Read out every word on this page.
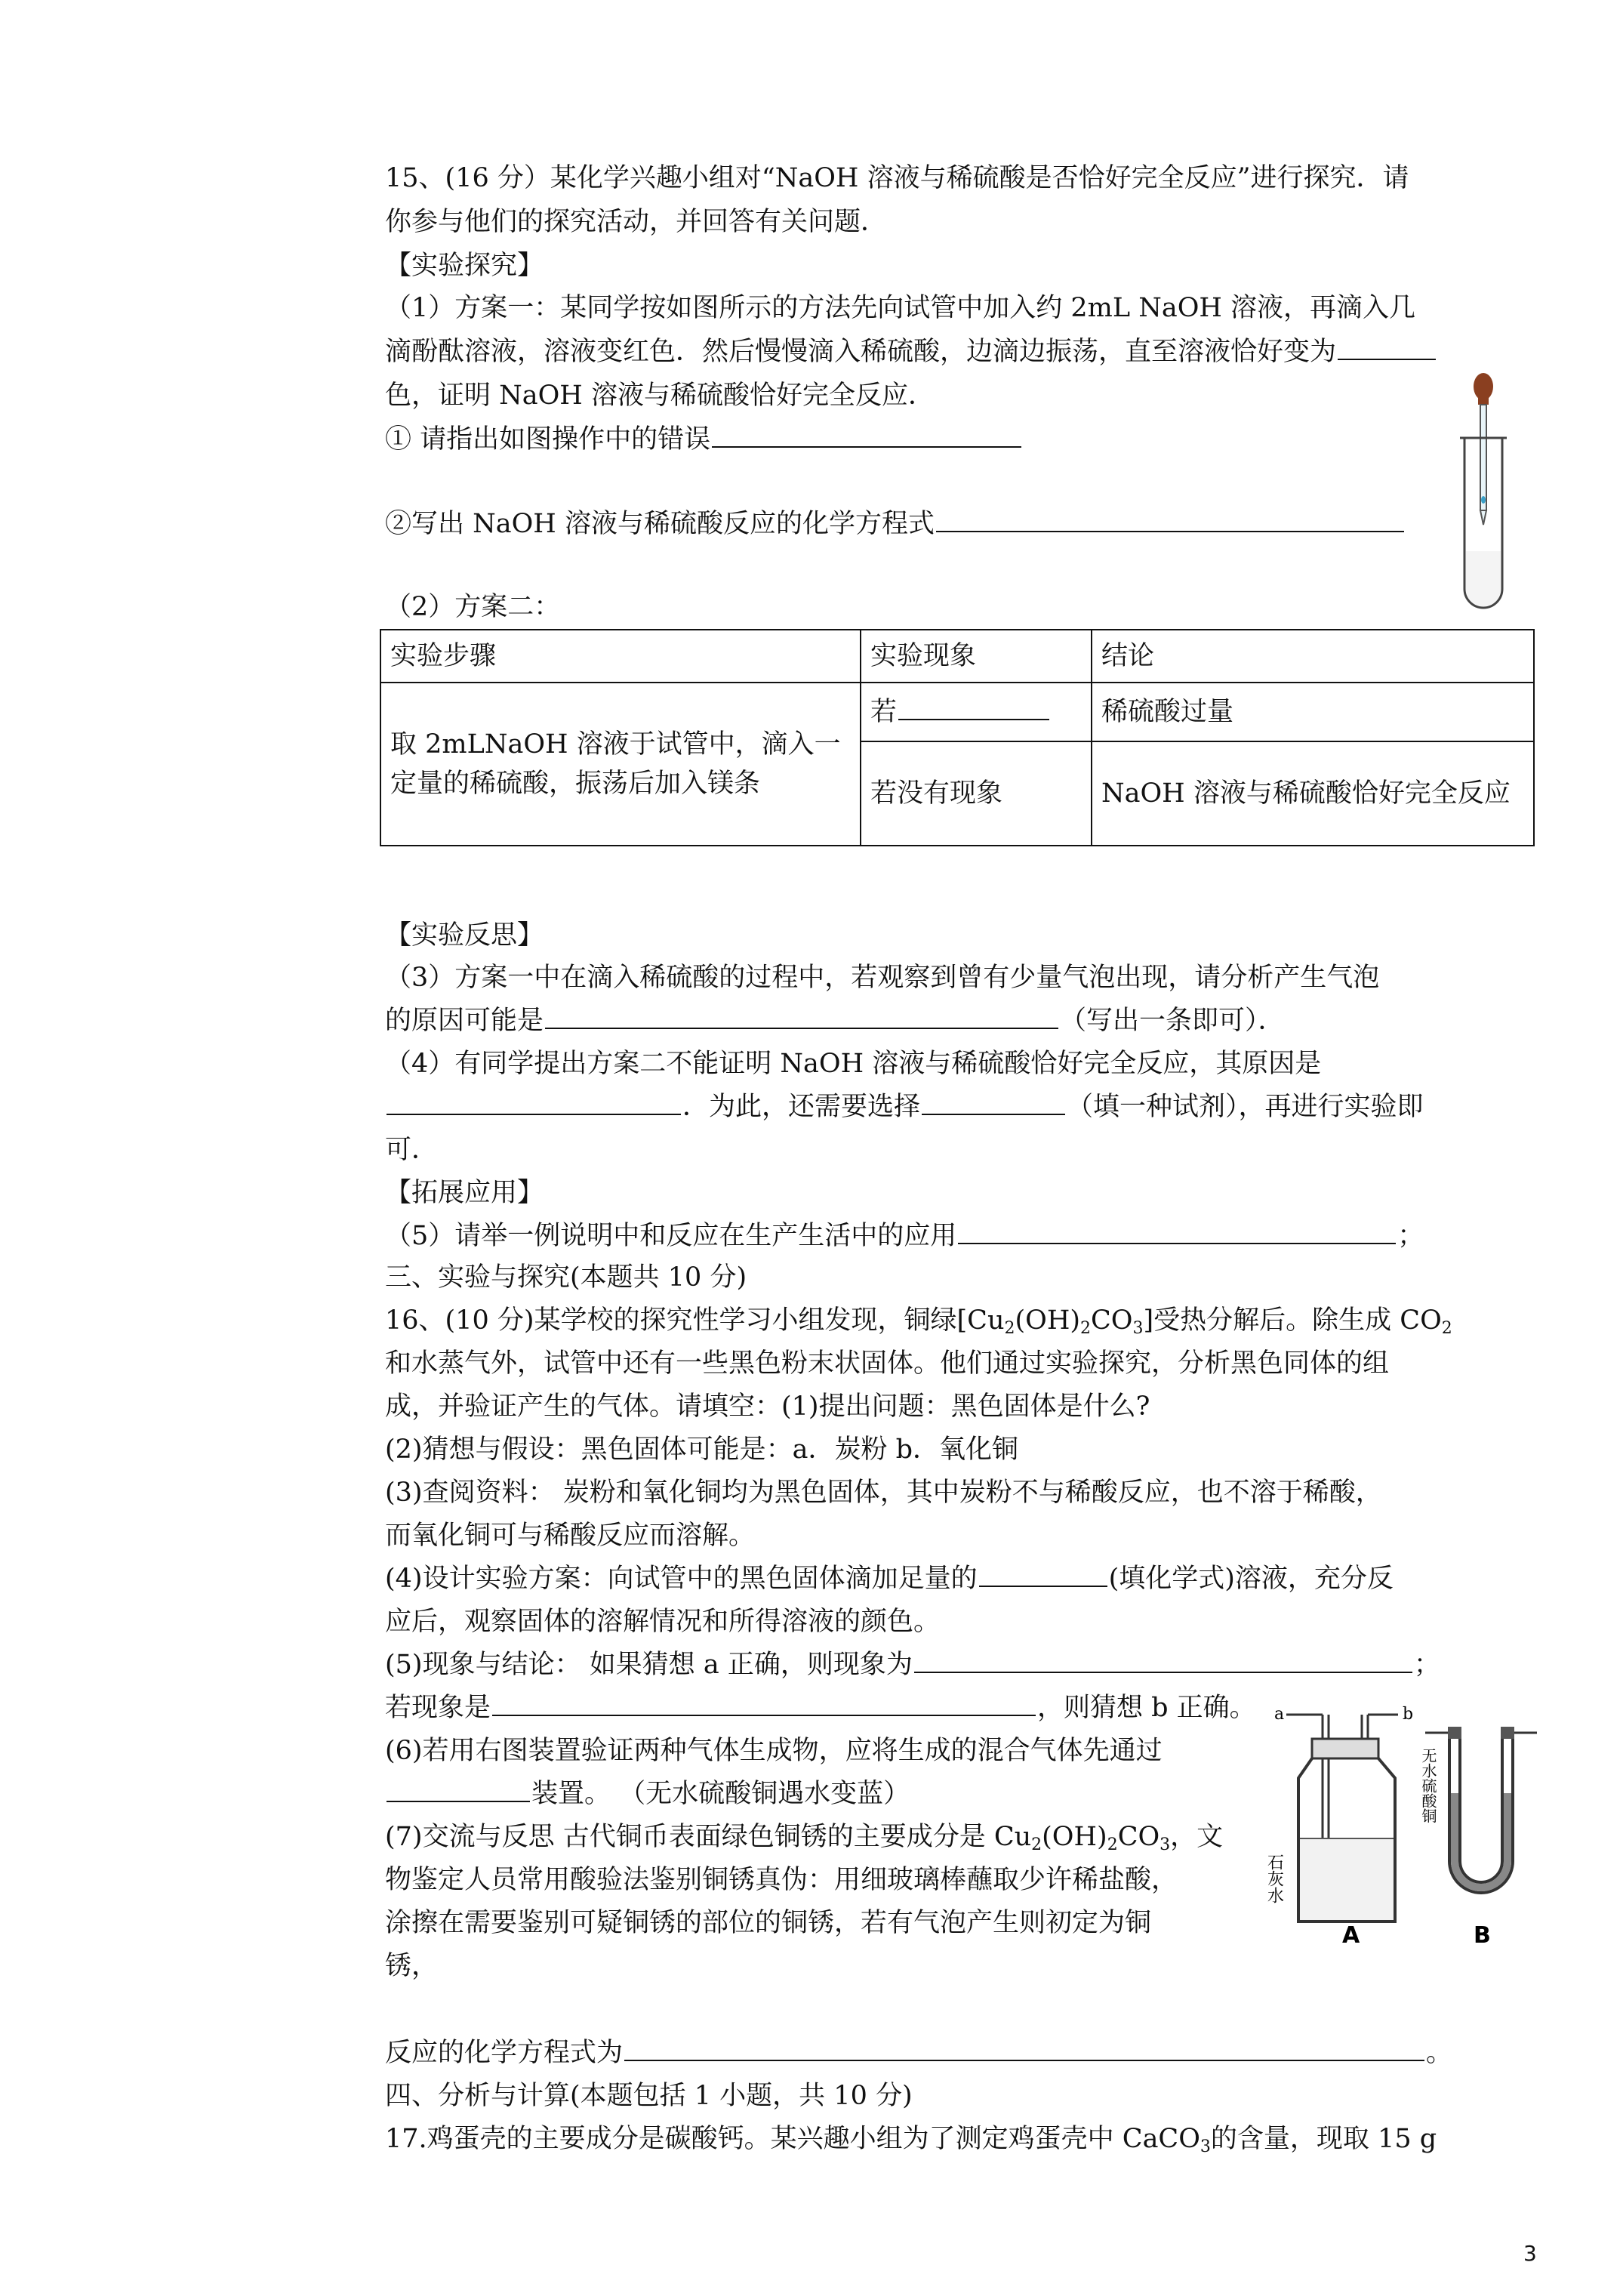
15、(16 分）某化学兴趣小组对“NaOH 溶液与稀硫酸是否恰好完全反应”进行探究．请
你参与他们的探究活动，并回答有关问题．
【实验探究】
（1）方案一：某同学按如图所示的方法先向试管中加入约 2mL NaOH 溶液，再滴入几
滴酚酞溶液，溶液变红色．然后慢慢滴入稀硫酸，边滴边振荡，直至溶液恰好变为
色，证明 NaOH 溶液与稀硫酸恰好完全反应．
① 请指出如图操作中的错误
②写出 NaOH 溶液与稀硫酸反应的化学方程式
（2）方案二：
实验步骤	实验现象	结论
取 2mLNaOH 溶液于试管中，滴入一定量的稀硫酸，振荡后加入镁条	若	稀硫酸过量
	若没有现象	NaOH 溶液与稀硫酸恰好完全反应
【实验反思】
（3）方案一中在滴入稀硫酸的过程中，若观察到曾有少量气泡出现，请分析产生气泡
的原因可能是	（写出一条即可）．
（4）有同学提出方案二不能证明 NaOH 溶液与稀硫酸恰好完全反应，其原因是
．为此，还需要选择	（填一种试剂），再进行实验即
可．
【拓展应用】
（5）请举一例说明中和反应在生产生活中的应用	；
三、实验与探究(本题共 10 分)
16、(10 分)某学校的探究性学习小组发现，铜绿$[Cu_2(OH)_2CO_3]$受热分解后。除生成 $CO_2$
和水蒸气外，试管中还有一些黑色粉末状固体。他们通过实验探究，分析黑色同体的组
成，并验证产生的气体。请填空：(1)提出问题：黑色固体是什么?
(2)猜想与假设：黑色固体可能是：a．炭粉 b．氧化铜
(3)查阅资料： 炭粉和氧化铜均为黑色固体，其中炭粉不与稀酸反应，也不溶于稀酸，
而氧化铜可与稀酸反应而溶解。
(4)设计实验方案：向试管中的黑色固体滴加足量的	(填化学式)溶液，充分反
应后，观察固体的溶解情况和所得溶液的颜色。
(5)现象与结论： 如果猜想 a 正确，则现象为	；
若现象是	，则猜想 b 正确。
(6)若用右图装置验证两种气体生成物，应将生成的混合气体先通过
装置。 （无水硫酸铜遇水变蓝）
(7)交流与反思 古代铜币表面绿色铜锈的主要成分是 $Cu_2(OH)_2CO_3$，文
物鉴定人员常用酸验法鉴别铜锈真伪：用细玻璃棒蘸取少许稀盐酸，
涂擦在需要鉴别可疑铜锈的部位的铜锈，若有气泡产生则初定为铜
锈，
反应的化学方程式为	。
a	b
石灰水
A
无水硫酸铜
B
四、分析与计算(本题包括 1 小题，共 10 分)
17.鸡蛋壳的主要成分是碳酸钙。某兴趣小组为了测定鸡蛋壳中 CaCO$_3$的含量，现取 15 g
3
